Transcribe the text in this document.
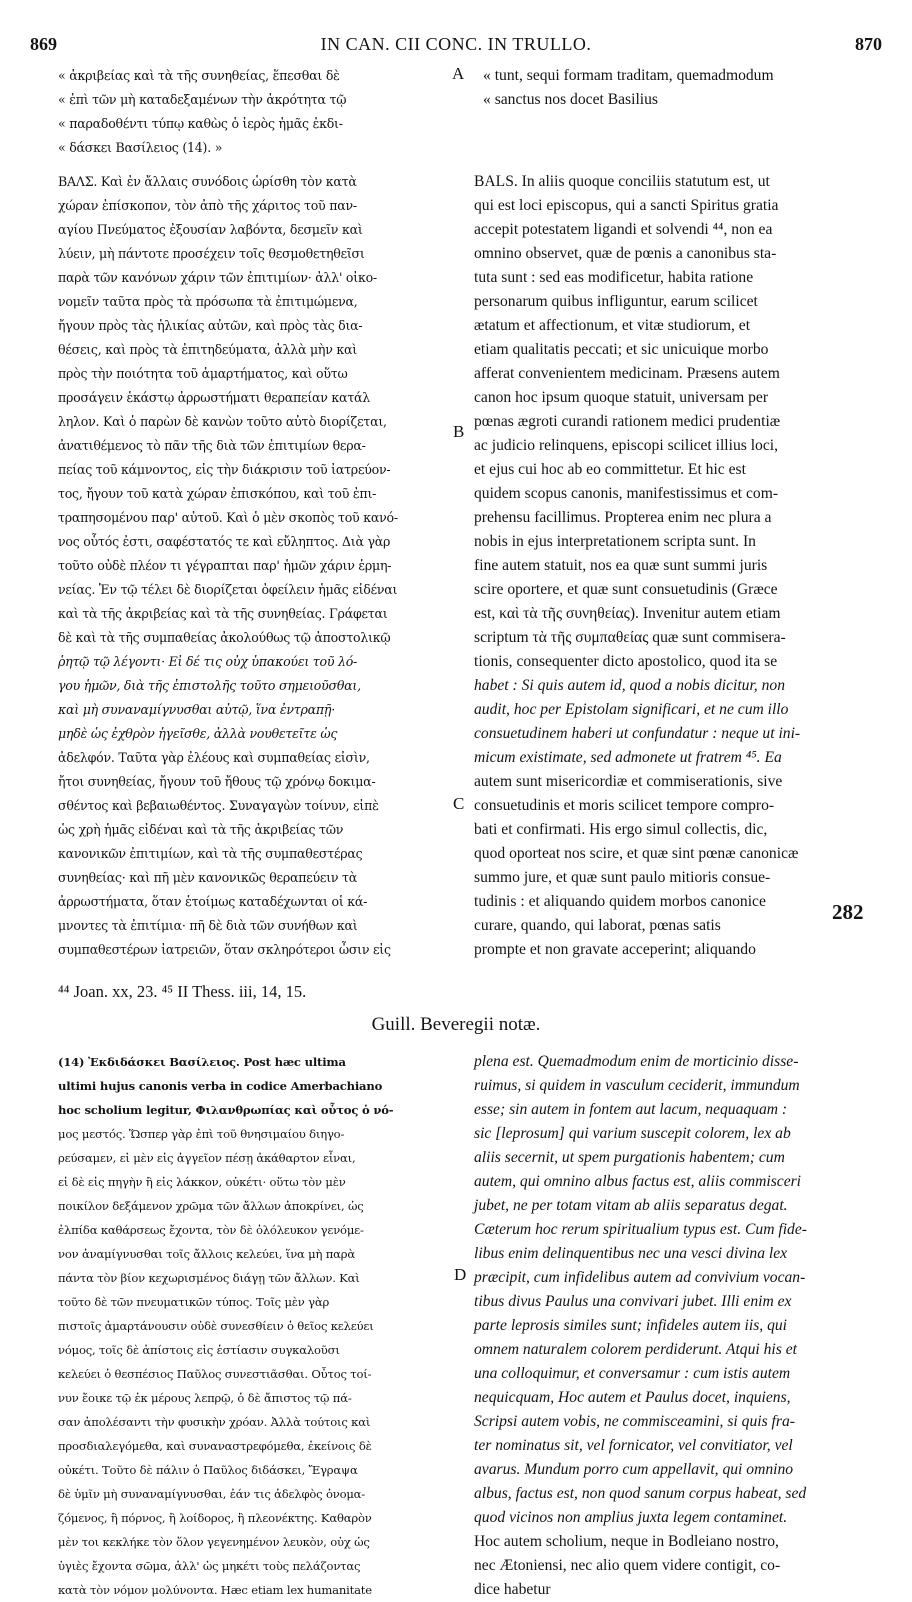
869	IN CAN. CII CONC. IN TRULLO.	870
« ἀκριβείας καὶ τὰ τῆς συνηθείας, ἕπεσθαι δὲ
« ἐπὶ τῶν μὴ καταδεξαμένων τὴν ἀκρότητα τῷ
« παραδοθέντι τύπῳ καθὼς ὁ ἱερὸς ἡμᾶς ἐκδι-
« δάσκει Βασίλειος (14). »
« tunt, sequi formam traditam, quemadmodum
« sanctus nos docet Basilius
A
ΒΑΛΣ. Καὶ ἐν ἄλλαις συνόδοις ὡρίσθη τὸν κατὰ
χώραν ἐπίσκοπον, τὸν ἀπὸ τῆς χάριτος τοῦ παν-
αγίου Πνεύματος ἐξουσίαν λαβόντα, δεσμεῖν καὶ
λύειν, μὴ πάντοτε προσέχειν τοῖς θεσμοθετηθεῖσι
παρὰ τῶν κανόνων χάριν τῶν ἐπιτιμίων· ἀλλ' οἰκο-
νομεῖν ταῦτα πρὸς τὰ πρόσωπα τὰ ἐπιτιμώμενα,
ἤγουν πρὸς τὰς ἡλικίας αὐτῶν, καὶ πρὸς τὰς δια-
θέσεις, καὶ πρὸς τὰ ἐπιτηδεύματα, ἀλλὰ μὴν καὶ
πρὸς τὴν ποιότητα τοῦ ἁμαρτήματος, καὶ οὕτω
προσάγειν ἑκάστῳ ἀρρωστήματι θεραπείαν κατάλ
ληλον. Καὶ ὁ παρὼν δὲ κανὼν τοῦτο αὐτὸ διορίζεται,
ἀνατιθέμενος τὸ πᾶν τῆς διὰ τῶν ἐπιτιμίων θερα-
πείας τοῦ κάμνοντος, εἰς τὴν διάκρισιν τοῦ ἰατρεύον-
τος, ἤγουν τοῦ κατὰ χώραν ἐπισκόπου, καὶ τοῦ ἐπι-
τραπησομένου παρ' αὐτοῦ. Καὶ ὁ μὲν σκοπὸς τοῦ κανό-
νος οὗτός ἐστι, σαφέστατός τε καὶ εὔληπτος. Διὰ γὰρ
τοῦτο οὐδὲ πλέον τι γέγραπται παρ' ἡμῶν χάριν ἑρμη-
νείας. Ἐν τῷ τέλει δὲ διορίζεται ὀφείλειν ἡμᾶς εἰδέναι
καὶ τὰ τῆς ἀκριβείας καὶ τὰ τῆς συνηθείας. Γράφεται
δὲ καὶ τὰ τῆς συμπαθείας ἀκολούθως τῷ ἀποστολικῷ
ῥητῷ τῷ λέγοντι· Εἰ δέ τις οὐχ ὑπακούει τοῦ λό-
γου ἡμῶν, διὰ τῆς ἐπιστολῆς τοῦτο σημειοῦσθαι,
καὶ μὴ συναναμίγνυσθαι αὐτῷ, ἵνα ἐντραπῇ·
μηδὲ ὡς ἐχθρὸν ἡγεῖσθε, ἀλλὰ νουθετεῖτε ὡς
ἀδελφόν. Ταῦτα γὰρ ἐλέους καὶ συμπαθείας εἰσὶν,
ἤτοι συνηθείας, ἤγουν τοῦ ἤθους τῷ χρόνῳ δοκιμα-
σθέντος καὶ βεβαιωθέντος. Συναγαγὼν τοίνυν, εἰπὲ
ὡς χρὴ ἡμᾶς εἰδέναι καὶ τὰ τῆς ἀκριβείας τῶν
κανονικῶν ἐπιτιμίων, καὶ τὰ τῆς συμπαθεστέρας
συνηθείας· καὶ πῆ μὲν κανονικῶς θεραπεύειν τὰ
ἀρρωστήματα, ὅταν ἑτοίμως καταδέχωνται οἱ κά-
μνοντες τὰ ἐπιτίμια· πῆ δὲ διὰ τῶν συνήθων καὶ
συμπαθεστέρων ἰατρειῶν, ὅταν σκληρότεροι ὦσιν εἰς
B
C
BALS. In aliis quoque conciliis statutum est, ut
qui est loci episcopus, qui a sancti Spiritus gratia
accepit potestatem ligandi et solvendi ⁴⁴, non ea
omnino observet, quæ de pœnis a canonibus sta-
tuta sunt : sed eas modificetur, habita ratione
personarum quibus infliguntur, earum scilicet
ætatum et affectionum, et vitæ studiorum, et
etiam qualitatis peccati; et sic unicuique morbo
afferat convenientem medicinam. Præsens autem
canon hoc ipsum quoque statuit, universam per
pœnas ægroti curandi rationem medici prudentiæ
ac judicio relinquens, episcopi scilicet illius loci,
et ejus cui hoc ab eo committetur. Et hic est
quidem scopus canonis, manifestissimus et com-
prehensu facillimus. Propterea enim nec plura a
nobis in ejus interpretationem scripta sunt. In
fine autem statuit, nos ea quæ sunt summi juris
scire oportere, et quæ sunt consuetudinis (Græce
est, καὶ τὰ τῆς συνηθείας). Invenitur autem etiam
scriptum τὰ τῆς συμπαθείας quæ sunt commisera-
tionis, consequenter dicto apostolico, quod ita se
habet : Si quis autem id, quod a nobis dicitur, non
audit, hoc per Epistolam significari, et ne cum illo
consuetudinem haberi ut confundatur : neque ut ini-
micum existimate, sed admonete ut fratrem ⁴⁵. Ea
autem sunt misericordiæ et commiserationis, sive
consuetudinis et moris scilicet tempore compro-
bati et confirmati. His ergo simul collectis, dic,
quod oporteat nos scire, et quæ sint pœnæ canonicæ
summo jure, et quæ sunt paulo mitioris consue-
tudinis : et aliquando quidem morbos canonice
curare, quando, qui laborat, pœnas satis
prompte et non gravate acceperint; aliquando
282
⁴⁴ Joan. xx, 23. ⁴⁵ II Thess. iii, 14, 15.
Guill. Beveregii notæ.
(14) Ἐκδιδάσκει Βασίλειος. Post hæc ultima
ultimi hujus canonis verba in codice Amerbachiano
hoc scholium legitur, Φιλανθρωπίας καὶ οὗτος ὁ νό-
μος μεστός. Ὥσπερ γὰρ ἐπὶ τοῦ θνησιμαίου διηγο-
ρεύσαμεν, εἰ μὲν εἰς ἀγγεῖον πέσῃ ἀκάθαρτον εἶναι,
εἰ δὲ εἰς πηγὴν ἢ εἰς λάκκον, οὐκέτι· οὕτω τὸν μὲν
ποικίλον δεξάμενον χρῶμα τῶν ἄλλων ἀποκρίνει, ὡς
ἐλπίδα καθάρσεως ἔχοντα, τὸν δὲ ὁλόλευκον γενόμε-
νον ἀναμίγνυσθαι τοῖς ἄλλοις κελεύει, ἵνα μὴ παρὰ
πάντα τὸν βίον κεχωρισμένος διάγῃ τῶν ἄλλων. Καὶ
τοῦτο δὲ τῶν πνευματικῶν τύπος. Τοῖς μὲν γὰρ
πιστοῖς ἁμαρτάνουσιν οὐδὲ συνεσθίειν ὁ θεῖος κελεύει
νόμος, τοῖς δὲ ἀπίστοις εἰς ἑστίασιν συγκαλοῦσι
κελεύει ὁ θεσπέσιος Παῦλος συνεστιᾶσθαι. Οὗτος τοί-
νυν ἔοικε τῷ ἐκ μέρους λεπρῷ, ὁ δὲ ἄπιστος τῷ πά-
σαν ἀπολέσαντι τὴν φυσικὴν χρόαν. Ἀλλὰ τούτοις καὶ
προσδιαλεγόμεθα, καὶ συναναστρεφόμεθα, ἐκείνοις δὲ
οὐκέτι. Τοῦτο δὲ πάλιν ὁ Παῦλος διδάσκει, Ἔγραψα
δὲ ὑμῖν μὴ συναναμίγνυσθαι, ἐάν τις ἀδελφὸς ὀνομα-
ζόμενος, ἢ πόρνος, ἢ λοίδορος, ἢ πλεονέκτης. Καθαρὸν
μὲν τοι κεκλήκε τὸν ὅλον γεγενημένον λευκὸν, οὐχ ὡς
ὑγιὲς ἔχοντα σῶμα, ἀλλ' ὡς μηκέτι τοὺς πελάζοντας
κατὰ τὸν νόμον μολύνοντα. Hæc etiam lex humanitate
D
plena est. Quemadmodum enim de morticinio disse-
ruimus, si quidem in vasculum ceciderit, immundum
esse; sin autem in fontem aut lacum, nequaquam :
sic [leprosum] qui varium suscepit colorem, lex ab
aliis secernit, ut spem purgationis habentem; cum
autem, qui omnino albus factus est, aliis commisceri
jubet, ne per totam vitam ab aliis separatus degat.
Cæterum hoc rerum spiritualium typus est. Cum fide-
libus enim delinquentibus nec una vesci divina lex
præcipit, cum infidelibus autem ad convivium vocan-
tibus divus Paulus una convivari jubet. Illi enim ex
parte leprosis similes sunt; infideles autem iis, qui
omnem naturalem colorem perdiderunt. Atqui his et
una colloquimur, et conversamur : cum istis autem
nequicquam, Hoc autem et Paulus docet, inquiens,
Scripsi autem vobis, ne commisceamini, si quis fra-
ter nominatus sit, vel fornicator, vel convitiator, vel
avarus. Mundum porro cum appellavit, qui omnino
albus, factus est, non quod sanum corpus habeat, sed
quod vicinos non amplius juxta legem contaminet.
Hoc autem scholium, neque in Bodleiano nostro,
nec Ætoniensi, nec alio quem videre contigit, co-
dice habetur
